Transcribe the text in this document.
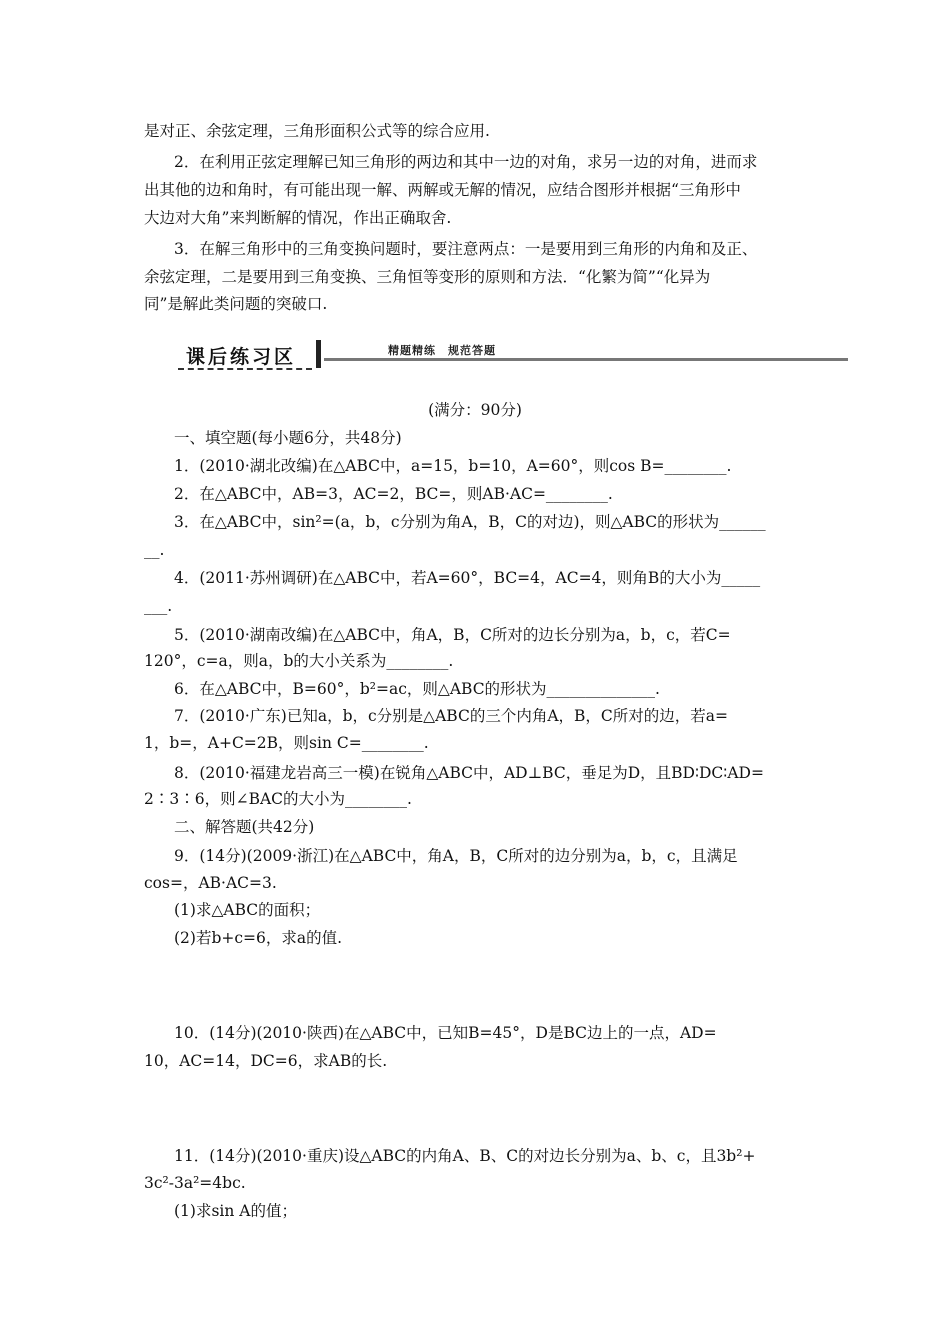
是对正、余弦定理，三角形面积公式等的综合应用.
2．在利用正弦定理解已知三角形的两边和其中一边的对角，求另一边的对角，进而求
出其他的边和角时，有可能出现一解、两解或无解的情况，应结合图形并根据“三角形中
大边对大角”来判断解的情况，作出正确取舍.
3．在解三角形中的三角变换问题时，要注意两点：一是要用到三角形的内角和及正、
余弦定理，二是要用到三角变换、三角恒等变形的原则和方法．“化繁为简”“化异为
同”是解此类问题的突破口.
课后练习区	精题精练　规范答题
(满分：90分)
一、填空题(每小题6分，共48分)
1．(2010·湖北改编)在△ABC中，a=15，b=10，A=60°，则cos B=________.
2．在△ABC中，AB=3，AC=2，BC=，则AB·AC=________.
3．在△ABC中，sin²=(a，b，c分别为角A，B，C的对边)，则△ABC的形状为______
__.
4．(2011·苏州调研)在△ABC中，若A=60°，BC=4，AC=4，则角B的大小为_____
___.
5．(2010·湖南改编)在△ABC中，角A，B，C所对的边长分别为a，b，c，若C=
120°，c=a，则a，b的大小关系为________.
6．在△ABC中，B=60°，b²=ac，则△ABC的形状为______________.
7．(2010·广东)已知a，b，c分别是△ABC的三个内角A，B，C所对的边，若a=
1，b=，A+C=2B，则sin C=________.
8．(2010·福建龙岩高三一模)在锐角△ABC中，AD⊥BC，垂足为D，且BD∶DC∶AD=
2∶3∶6，则∠BAC的大小为________.
二、解答题(共42分)
9．(14分)(2009·浙江)在△ABC中，角A，B，C所对的边分别为a，b，c，且满足
cos=，AB·AC=3.
(1)求△ABC的面积；
(2)若b+c=6，求a的值.
10．(14分)(2010·陕西)在△ABC中，已知B=45°，D是BC边上的一点，AD=
10，AC=14，DC=6，求AB的长.
11．(14分)(2010·重庆)设△ABC的内角A、B、C的对边长分别为a、b、c，且3b²+
3c²-3a²=4bc.
(1)求sin A的值；
